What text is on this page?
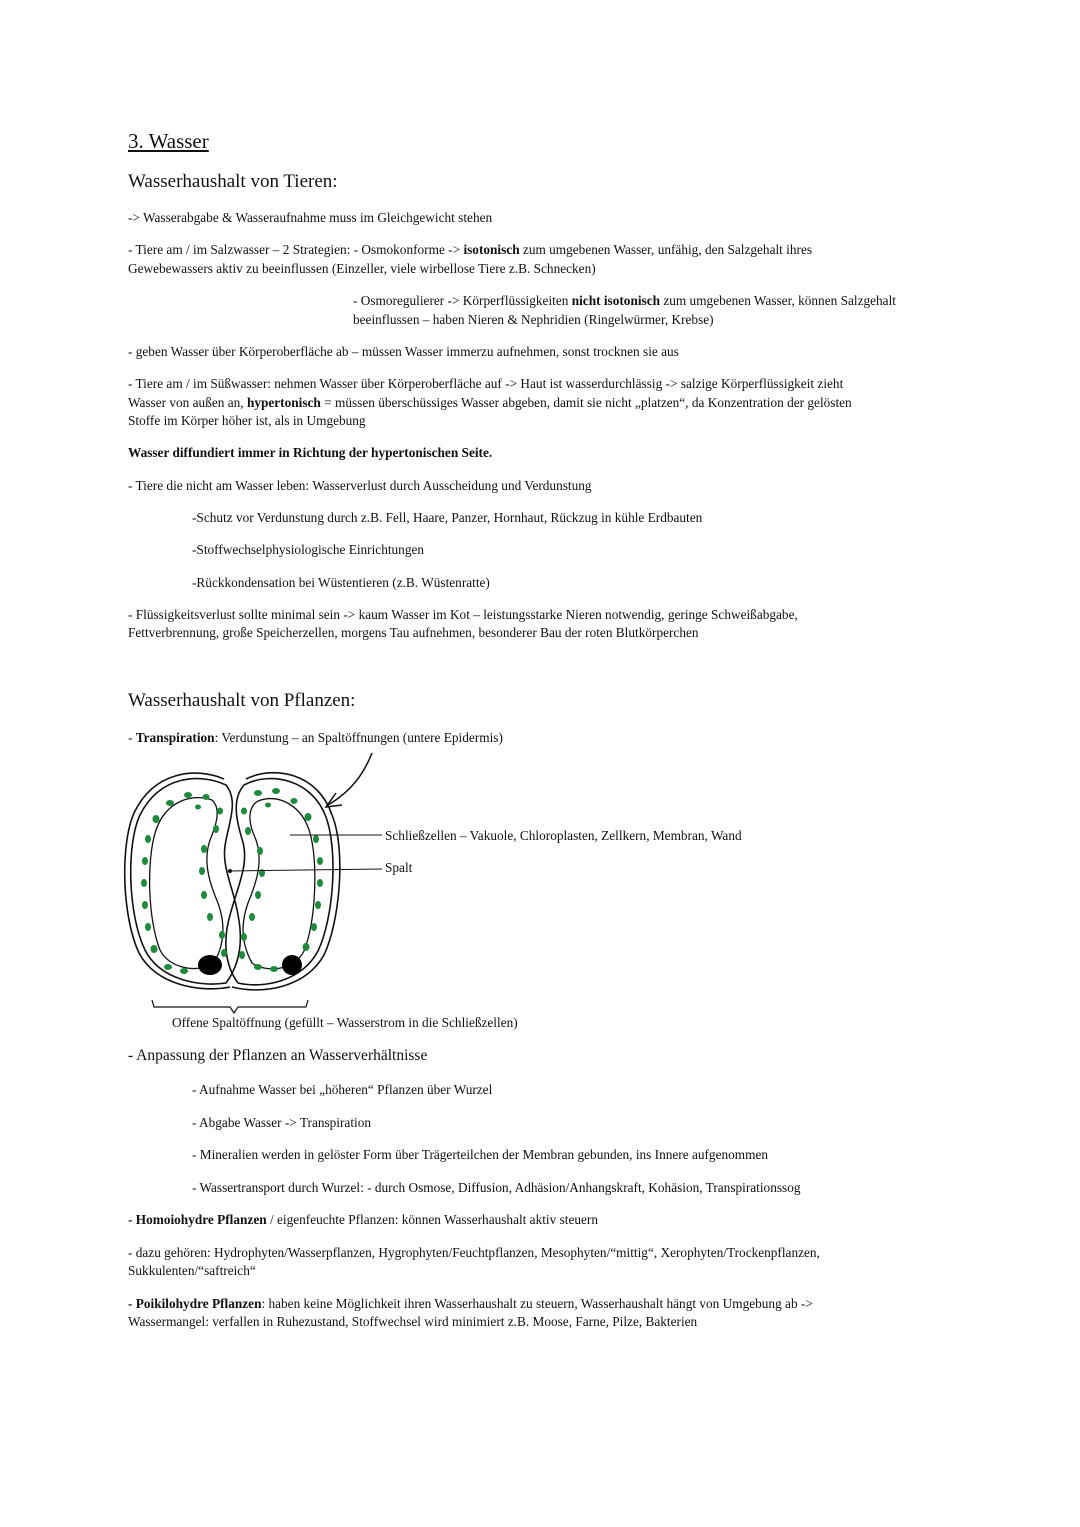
3. Wasser
Wasserhaushalt von Tieren:
-> Wasserabgabe & Wasseraufnahme muss im Gleichgewicht stehen
- Tiere am / im Salzwasser – 2 Strategien: - Osmokonforme -> isotonisch zum umgebenen Wasser, unfähig, den Salzgehalt ihres
Gewebewassers aktiv zu beeinflussen (Einzeller, viele wirbellose Tiere z.B. Schnecken)
- Osmoregulierer -> Körperflüssigkeiten nicht isotonisch zum umgebenen Wasser, können Salzgehalt
beeinflussen – haben Nieren & Nephridien (Ringelwürmer, Krebse)
- geben Wasser über Körperoberfläche ab – müssen Wasser immerzu aufnehmen, sonst trocknen sie aus
- Tiere am / im Süßwasser: nehmen Wasser über Körperoberfläche auf -> Haut ist wasserdurchlässig -> salzige Körperflüssigkeit zieht
Wasser von außen an, hypertonisch = müssen überschüssiges Wasser abgeben, damit sie nicht „platzen“, da Konzentration der gelösten
Stoffe im Körper höher ist, als in Umgebung
Wasser diffundiert immer in Richtung der hypertonischen Seite.
- Tiere die nicht am Wasser leben: Wasserverlust durch Ausscheidung und Verdunstung
-Schutz vor Verdunstung durch z.B. Fell, Haare, Panzer, Hornhaut, Rückzug in kühle Erdbauten
-Stoffwechselphysiologische Einrichtungen
-Rückkondensation bei Wüstentieren (z.B. Wüstenratte)
- Flüssigkeitsverlust sollte minimal sein -> kaum Wasser im Kot – leistungsstarke Nieren notwendig, geringe Schweißabgabe,
Fettverbrennung, große Speicherzellen, morgens Tau aufnehmen, besonderer Bau der roten Blutkörperchen
Wasserhaushalt von Pflanzen:
- Transpiration: Verdunstung – an Spaltöffnungen (untere Epidermis)
Schließzellen – Vakuole, Chloroplasten, Zellkern, Membran, Wand
Spalt
Offene Spaltöffnung (gefüllt – Wasserstrom in die Schließzellen)
- Anpassung der Pflanzen an Wasserverhältnisse
- Aufnahme Wasser bei „höheren“ Pflanzen über Wurzel
- Abgabe Wasser -> Transpiration
- Mineralien werden in gelöster Form über Trägerteilchen der Membran gebunden, ins Innere aufgenommen
- Wassertransport durch Wurzel: - durch Osmose, Diffusion, Adhäsion/Anhangskraft, Kohäsion, Transpirationssog
- Homoiohydre Pflanzen / eigenfeuchte Pflanzen: können Wasserhaushalt aktiv steuern
- dazu gehören: Hydrophyten/Wasserpflanzen, Hygrophyten/Feuchtpflanzen, Mesophyten/“mittig“, Xerophyten/Trockenpflanzen,
Sukkulenten/“saftreich“
- Poikilohydre Pflanzen: haben keine Möglichkeit ihren Wasserhaushalt zu steuern, Wasserhaushalt hängt von Umgebung ab ->
Wassermangel: verfallen in Ruhezustand, Stoffwechsel wird minimiert z.B. Moose, Farne, Pilze, Bakterien
